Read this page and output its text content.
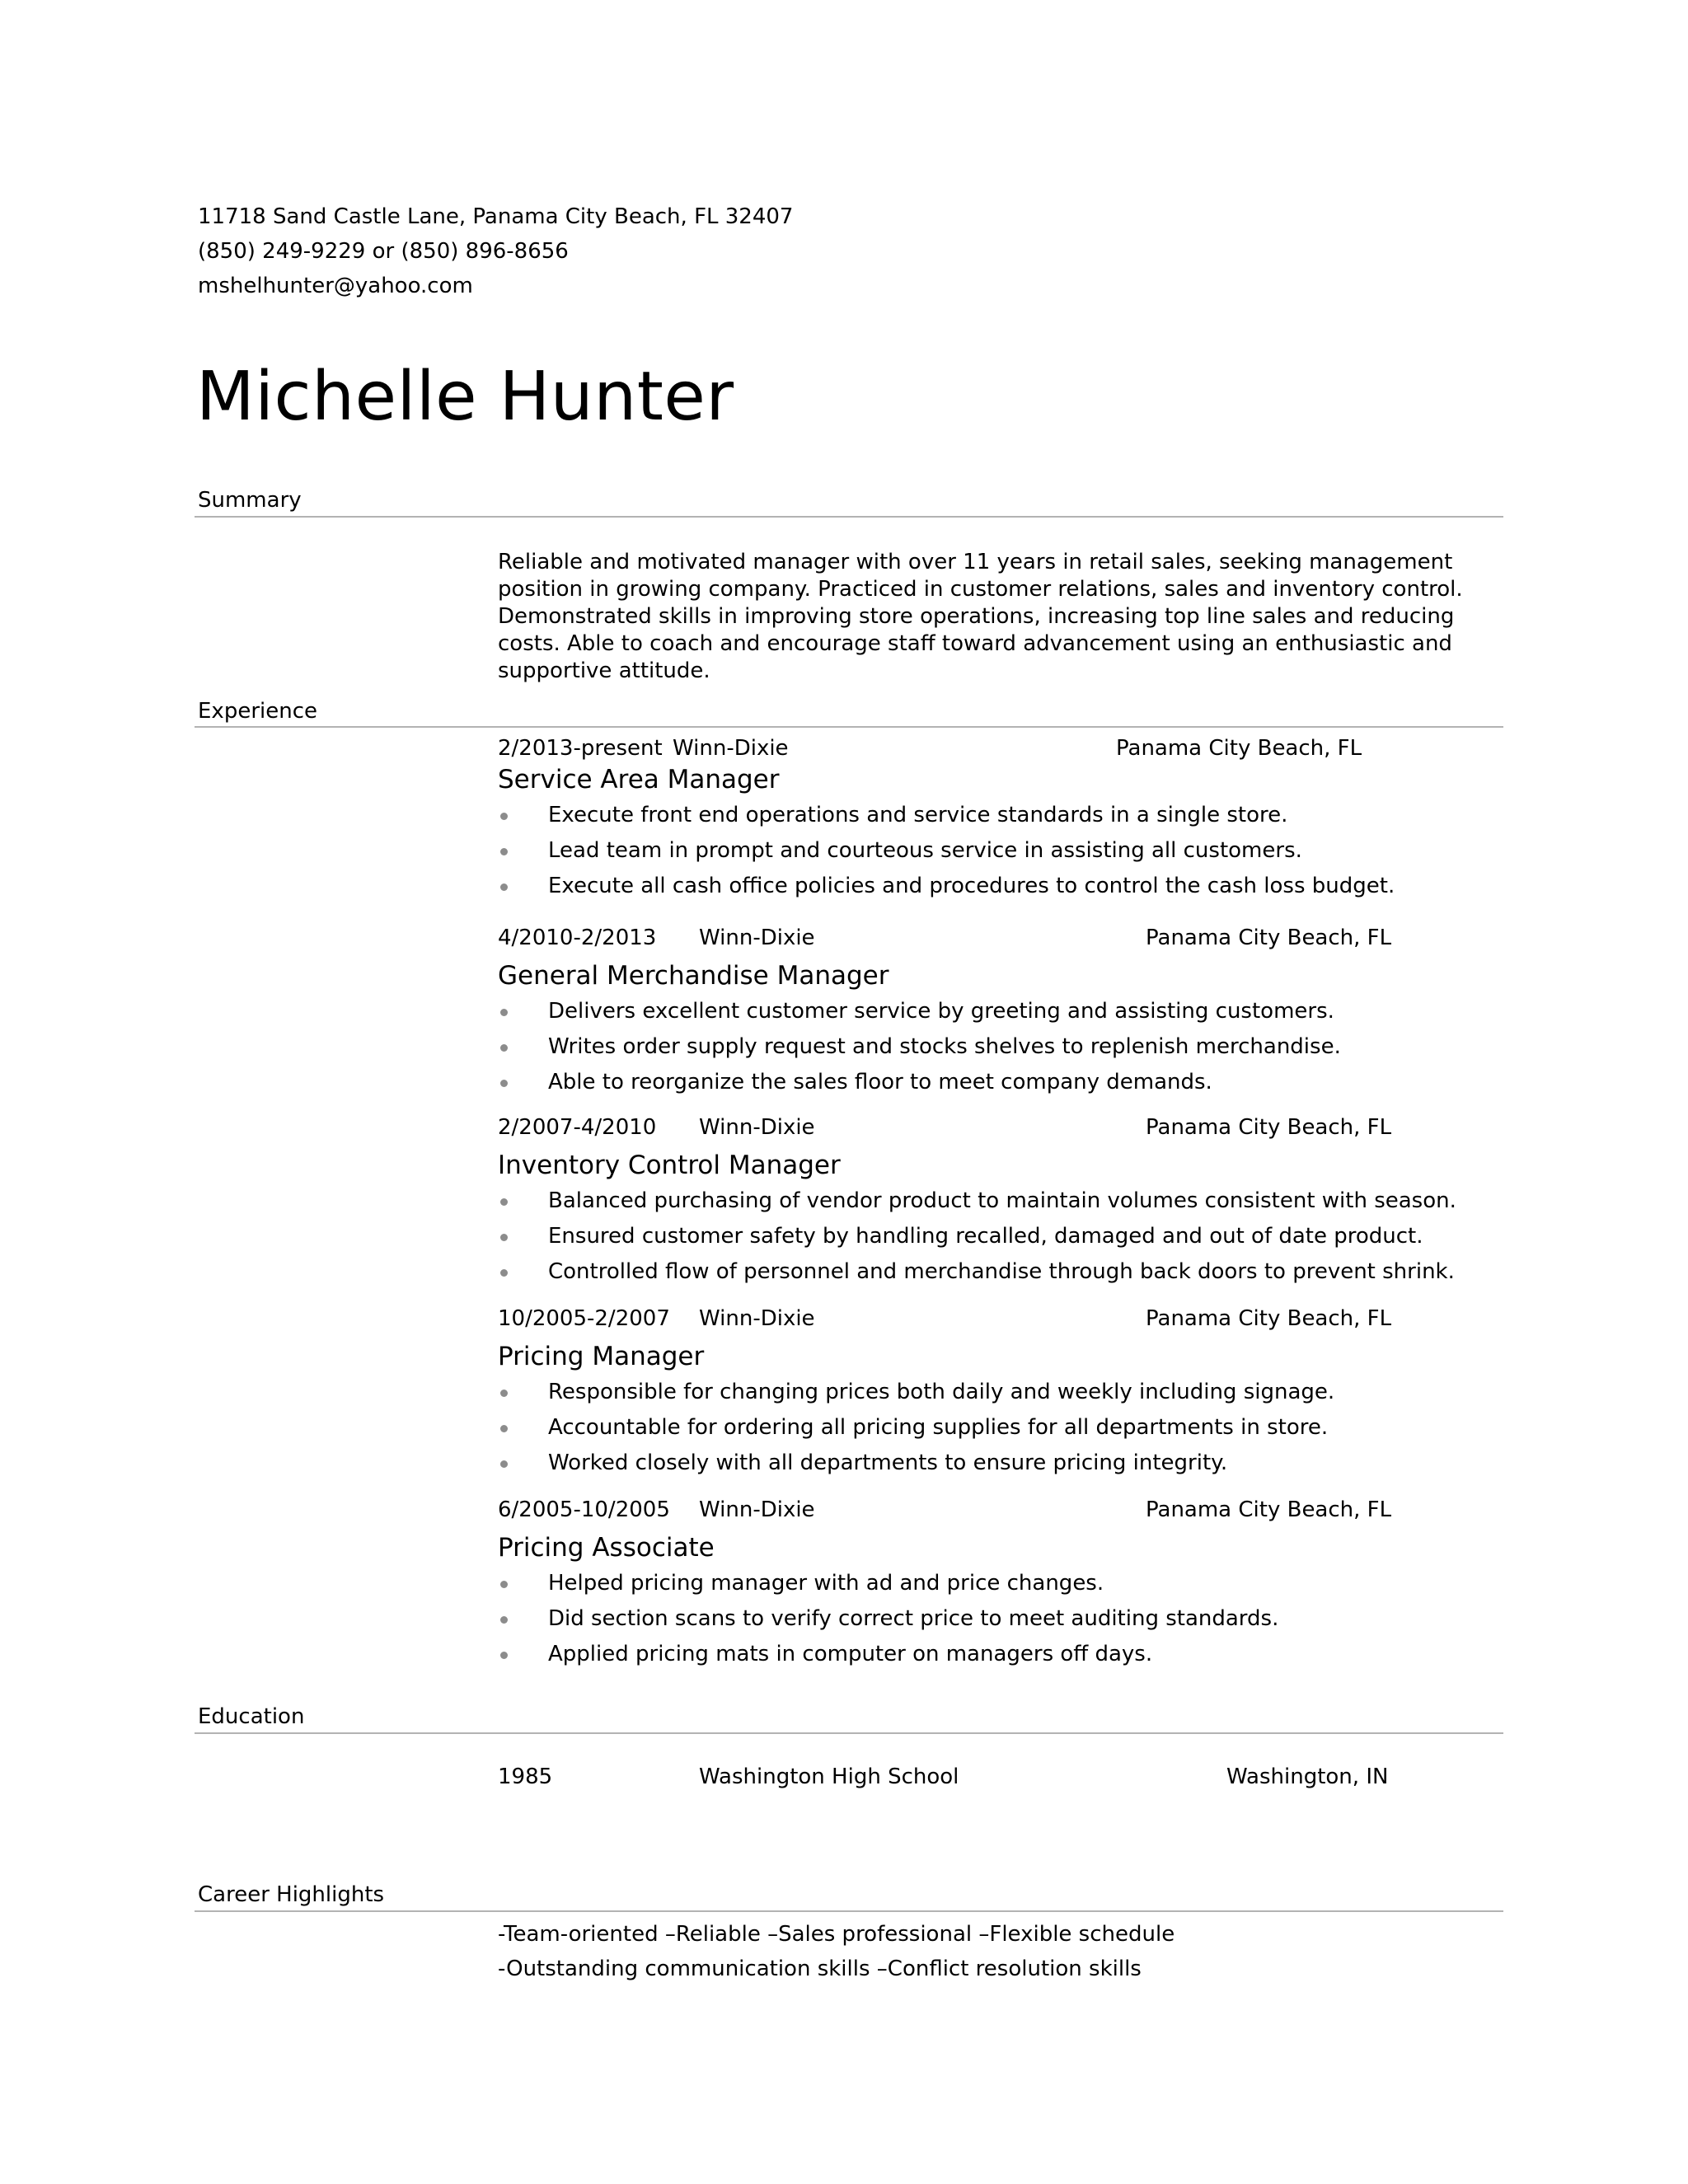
11718 Sand Castle Lane, Panama City Beach, FL 32407
(850) 249-9229 or (850) 896-8656
mshelhunter@yahoo.com
Michelle Hunter
Summary
Reliable and motivated manager with over 11 years in retail sales, seeking management position in growing company. Practiced in customer relations, sales and inventory control. Demonstrated skills in improving store operations, increasing top line sales and reducing costs. Able to coach and encourage staff toward advancement using an enthusiastic and supportive attitude.
Experience
2/2013-present Winn-Dixie	Panama City Beach, FL
Service Area Manager
Execute front end operations and service standards in a single store.
Lead team in prompt and courteous service in assisting all customers.
Execute all cash office policies and procedures to control the cash loss budget.
4/2010-2/2013 Winn-Dixie	Panama City Beach, FL
General Merchandise Manager
Delivers excellent customer service by greeting and assisting customers.
Writes order supply request and stocks shelves to replenish merchandise.
Able to reorganize the sales floor to meet company demands.
2/2007-4/2010 Winn-Dixie	Panama City Beach, FL
Inventory Control Manager
Balanced purchasing of vendor product to maintain volumes consistent with season.
Ensured customer safety by handling recalled, damaged and out of date product.
Controlled flow of personnel and merchandise through back doors to prevent shrink.
10/2005-2/2007 Winn-Dixie	Panama City Beach, FL
Pricing Manager
Responsible for changing prices both daily and weekly including signage.
Accountable for ordering all pricing supplies for all departments in store.
Worked closely with all departments to ensure pricing integrity.
6/2005-10/2005 Winn-Dixie	Panama City Beach, FL
Pricing Associate
Helped pricing manager with ad and price changes.
Did section scans to verify correct price to meet auditing standards.
Applied pricing mats in computer on managers off days.
Education
1985	Washington High School	Washington, IN
Career Highlights
-Team-oriented –Reliable –Sales professional –Flexible schedule
-Outstanding communication skills –Conflict resolution skills
